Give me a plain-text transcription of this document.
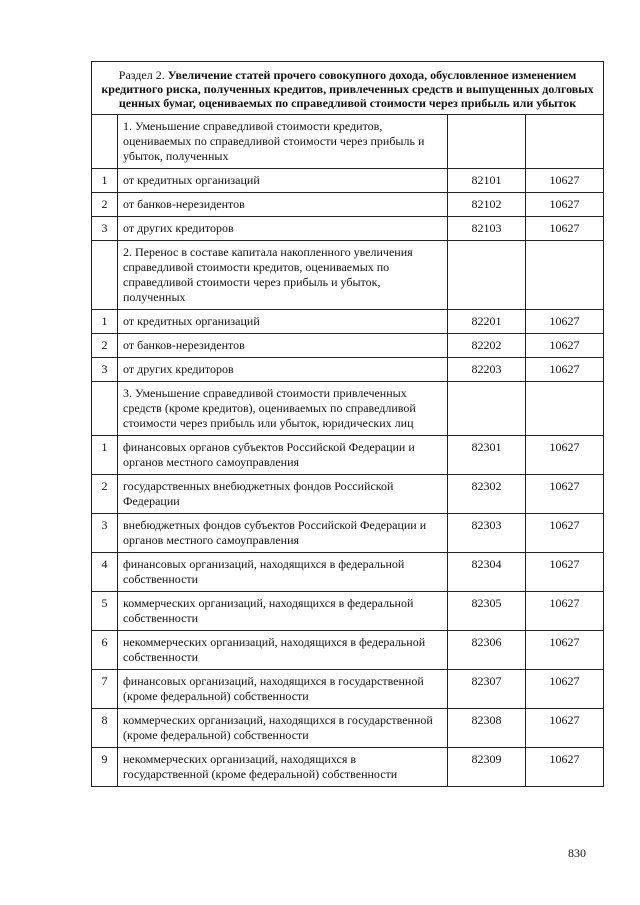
Раздел 2. Увеличение статей прочего совокупного дохода, обусловленное изменением кредитного риска, полученных кредитов, привлеченных средств и выпущенных долговых ценных бумаг, оцениваемых по справедливой стоимости через прибыль или убыток			
	1. Уменьшение справедливой стоимости кредитов, оцениваемых по справедливой стоимости через прибыль и убыток, полученных		
1	от кредитных организаций	82101	10627
2	от банков-нерезидентов	82102	10627
3	от других кредиторов	82103	10627
	2. Перенос в составе капитала накопленного увеличения справедливой стоимости кредитов, оцениваемых по справедливой стоимости через прибыль и убыток, полученных		
1	от кредитных организаций	82201	10627
2	от банков-нерезидентов	82202	10627
3	от других кредиторов	82203	10627
	3. Уменьшение справедливой стоимости привлеченных средств (кроме кредитов), оцениваемых по справедливой стоимости через прибыль или убыток, юридических лиц		
1	финансовых органов субъектов Российской Федерации и органов местного самоуправления	82301	10627
2	государственных внебюджетных фондов Российской Федерации	82302	10627
3	внебюджетных фондов субъектов Российской Федерации и органов местного самоуправления	82303	10627
4	финансовых организаций, находящихся в федеральной собственности	82304	10627
5	коммерческих организаций, находящихся в федеральной собственности	82305	10627
6	некоммерческих организаций, находящихся в федеральной собственности	82306	10627
7	финансовых организаций, находящихся в государственной (кроме федеральной) собственности	82307	10627
8	коммерческих организаций, находящихся в государственной (кроме федеральной) собственности	82308	10627
9	некоммерческих организаций, находящихся в государственной (кроме федеральной) собственности	82309	10627
830
